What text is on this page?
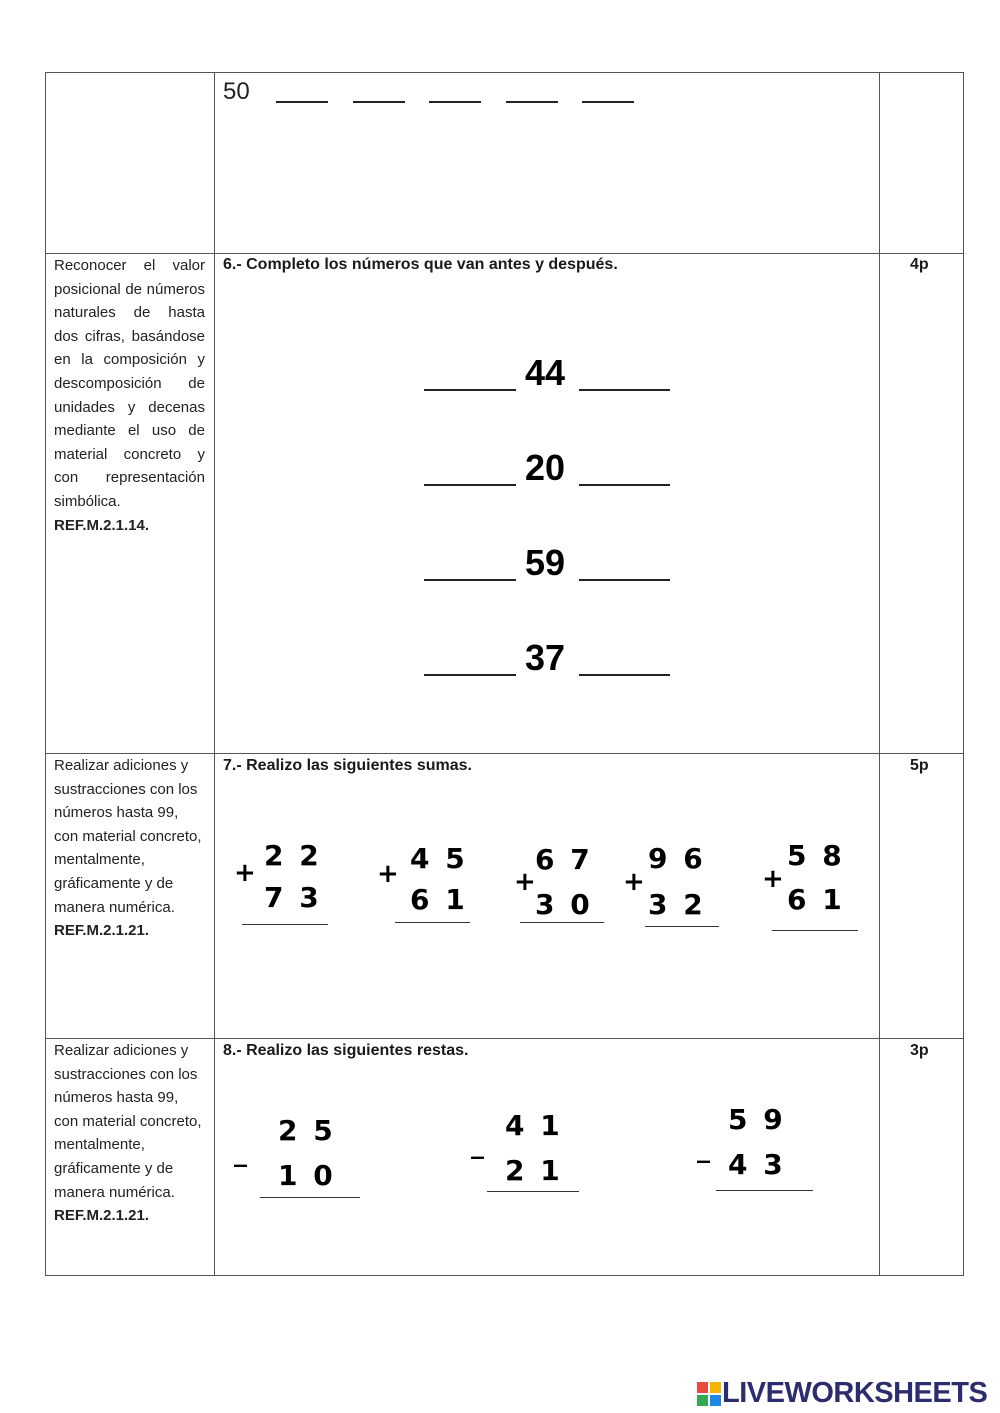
50
Reconocer el valor posicional de números naturales de hasta dos cifras, basándose en la composición y descomposición de unidades y decenas mediante el uso de material concreto y con representación simbólica.
REF.M.2.1.14.
6.- Completo los números que van antes y después.	4p
44
20
59
37
Realizar adiciones y sustracciones con los números hasta 99, con material concreto, mentalmente, gráficamente y de manera numérica.
REF.M.2.1.21.
7.- Realizo las siguientes sumas.	5p
+
2 2
7 3
+ 4 5
6 1
+
6 7
3 0
+
9 6
3 2
+
5 8
6 1
Realizar adiciones y sustracciones con los números hasta 99, con material concreto, mentalmente, gráficamente y de manera numérica.
REF.M.2.1.21.
8.- Realizo las siguientes restas.	3p
_
2 5
1 0
_
4 1
2 1
_
5 9
4 3
LIVEWORKSHEETS
